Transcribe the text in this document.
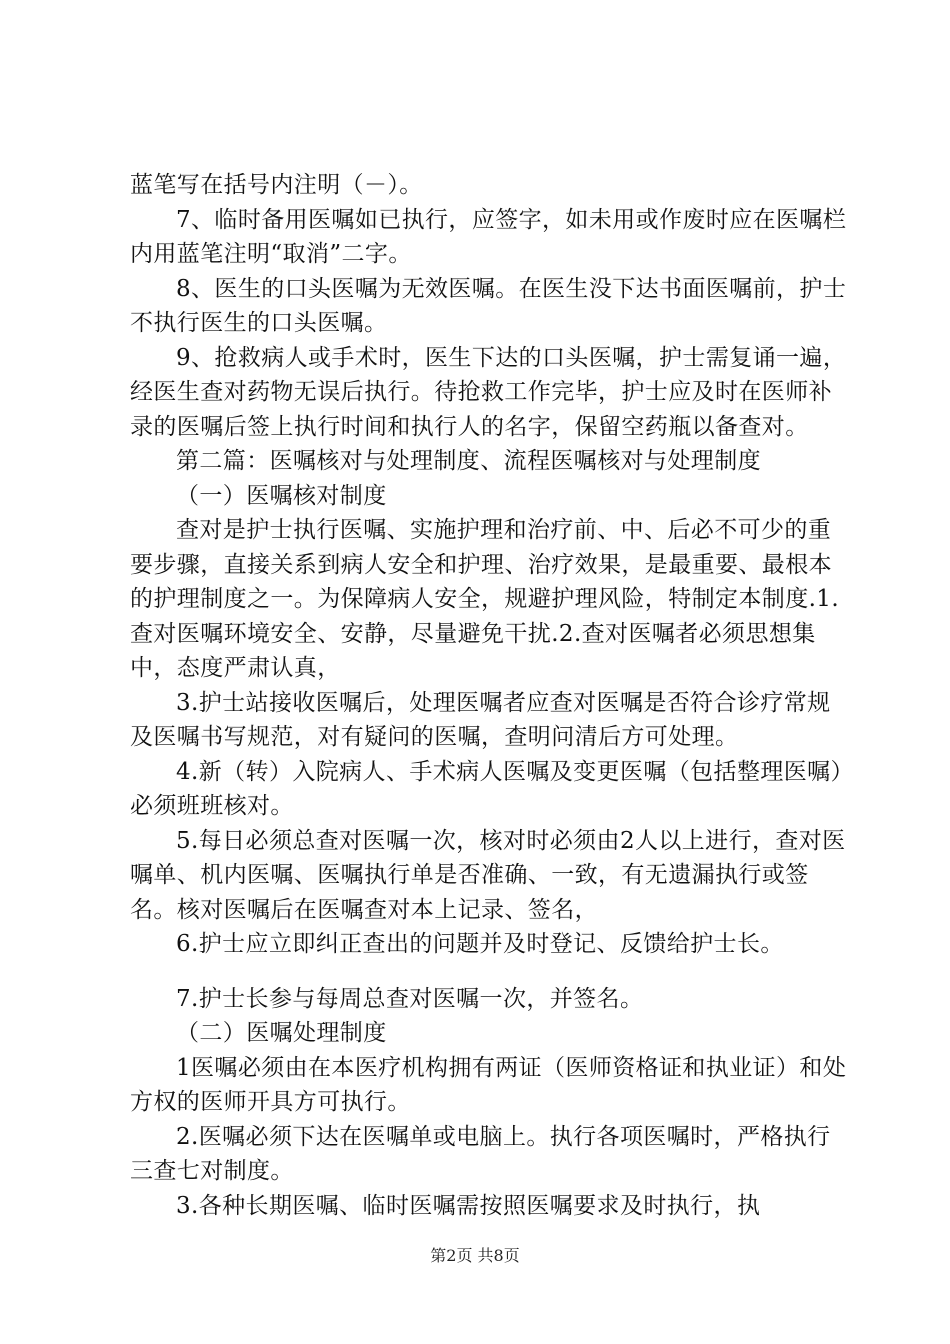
蓝笔写在括号内注明（－）。

7、临时备用医嘱如已执行，应签字，如未用或作废时应在医嘱栏内用蓝笔注明“取消”二字。

8、医生的口头医嘱为无效医嘱。在医生没下达书面医嘱前，护士不执行医生的口头医嘱。

9、抢救病人或手术时，医生下达的口头医嘱，护士需复诵一遍，经医生查对药物无误后执行。待抢救工作完毕，护士应及时在医师补录的医嘱后签上执行时间和执行人的名字，保留空药瓶以备查对。

第二篇：医嘱核对与处理制度、流程医嘱核对与处理制度

（一）医嘱核对制度

查对是护士执行医嘱、实施护理和治疗前、中、后必不可少的重要步骤，直接关系到病人安全和护理、治疗效果，是最重要、最根本的护理制度之一。为保障病人安全，规避护理风险，特制定本制度.1.查对医嘱环境安全、安静，尽量避免干扰.2.查对医嘱者必须思想集中，态度严肃认真，

3.护士站接收医嘱后，处理医嘱者应查对医嘱是否符合诊疗常规及医嘱书写规范，对有疑问的医嘱，查明问清后方可处理。

4.新（转）入院病人、手术病人医嘱及变更医嘱（包括整理医嘱）必须班班核对。

5.每日必须总查对医嘱一次，核对时必须由2人以上进行，查对医嘱单、机内医嘱、医嘱执行单是否准确、一致，有无遗漏执行或签名。核对医嘱后在医嘱查对本上记录、签名，

6.护士应立即纠正查出的问题并及时登记、反馈给护士长。

7.护士长参与每周总查对医嘱一次，并签名。

（二）医嘱处理制度

1医嘱必须由在本医疗机构拥有两证（医师资格证和执业证）和处方权的医师开具方可执行。

2.医嘱必须下达在医嘱单或电脑上。执行各项医嘱时，严格执行三查七对制度。

3.各种长期医嘱、临时医嘱需按照医嘱要求及时执行，执

第2页 共8页
